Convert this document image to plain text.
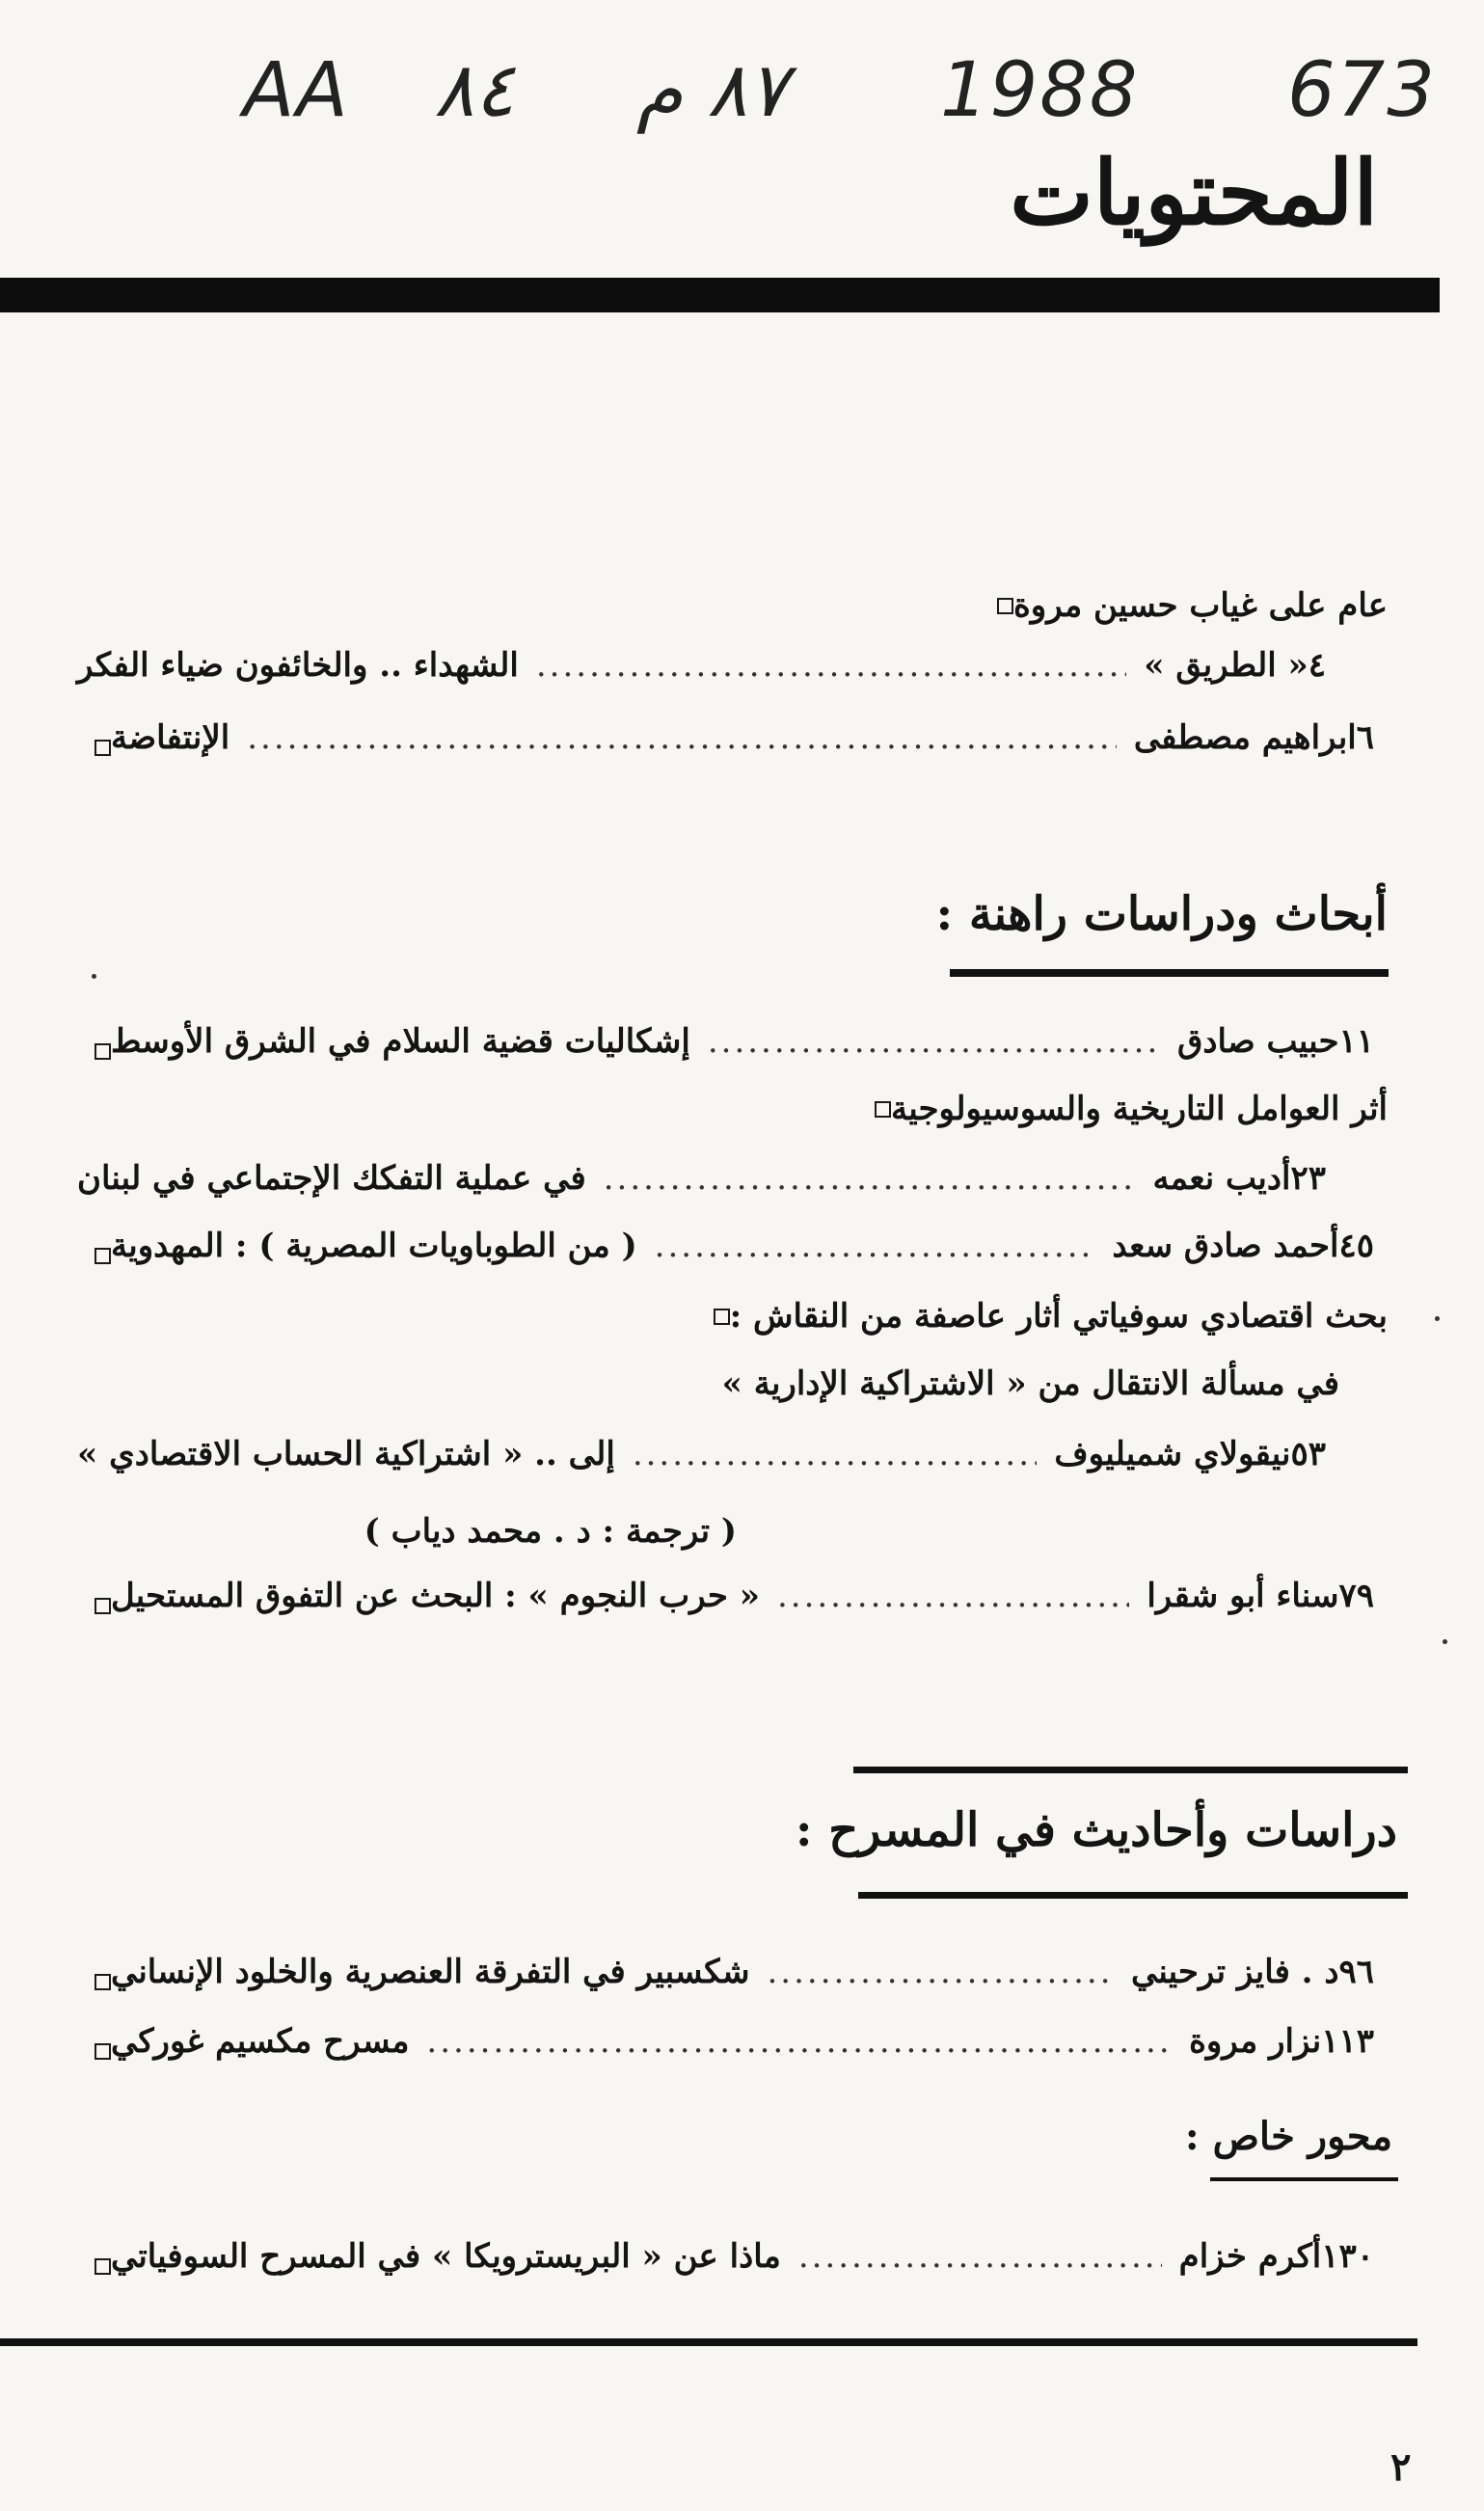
AA ٨٤ ٨٧ م 1988 673
المحتويات
عام على غياب حسين مروة
الشهداء .. والخائفون ضياء الفكر .....	« الطريق » ٤
الإنتفاضة .....	ابراهيم مصطفى ٦
أبحاث ودراسات راهنة :
إشكاليات قضية السلام في الشرق الأوسط .....	حبيب صادق ١١
أثر العوامل التاريخية والسوسيولوجية
في عملية التفكك الإجتماعي في لبنان .....	أديب نعمه ٢٣
( من الطوباويات المصرية ) : المهدوية .....	أحمد صادق سعد ٤٥
بحث اقتصادي سوفياتي أثار عاصفة من النقاش :
في مسألة الانتقال من « الاشتراكية الإدارية »
إلى .. « اشتراكية الحساب الاقتصادي » .....	نيقولاي شميليوف ٥٣
( ترجمة : د . محمد دياب )
« حرب النجوم » : البحث عن التفوق المستحيل .....	سناء أبو شقرا ٧٩
دراسات وأحاديث في المسرح :
شكسبير في التفرقة العنصرية والخلود الإنساني .....	د . فايز ترحيني ٩٦
مسرح مكسيم غوركي .....	نزار مروة ١١٣
محور خاص :
ماذا عن « البريسترويكا » في المسرح السوفياتي .....	أكرم خزام ١٣٠
٢
